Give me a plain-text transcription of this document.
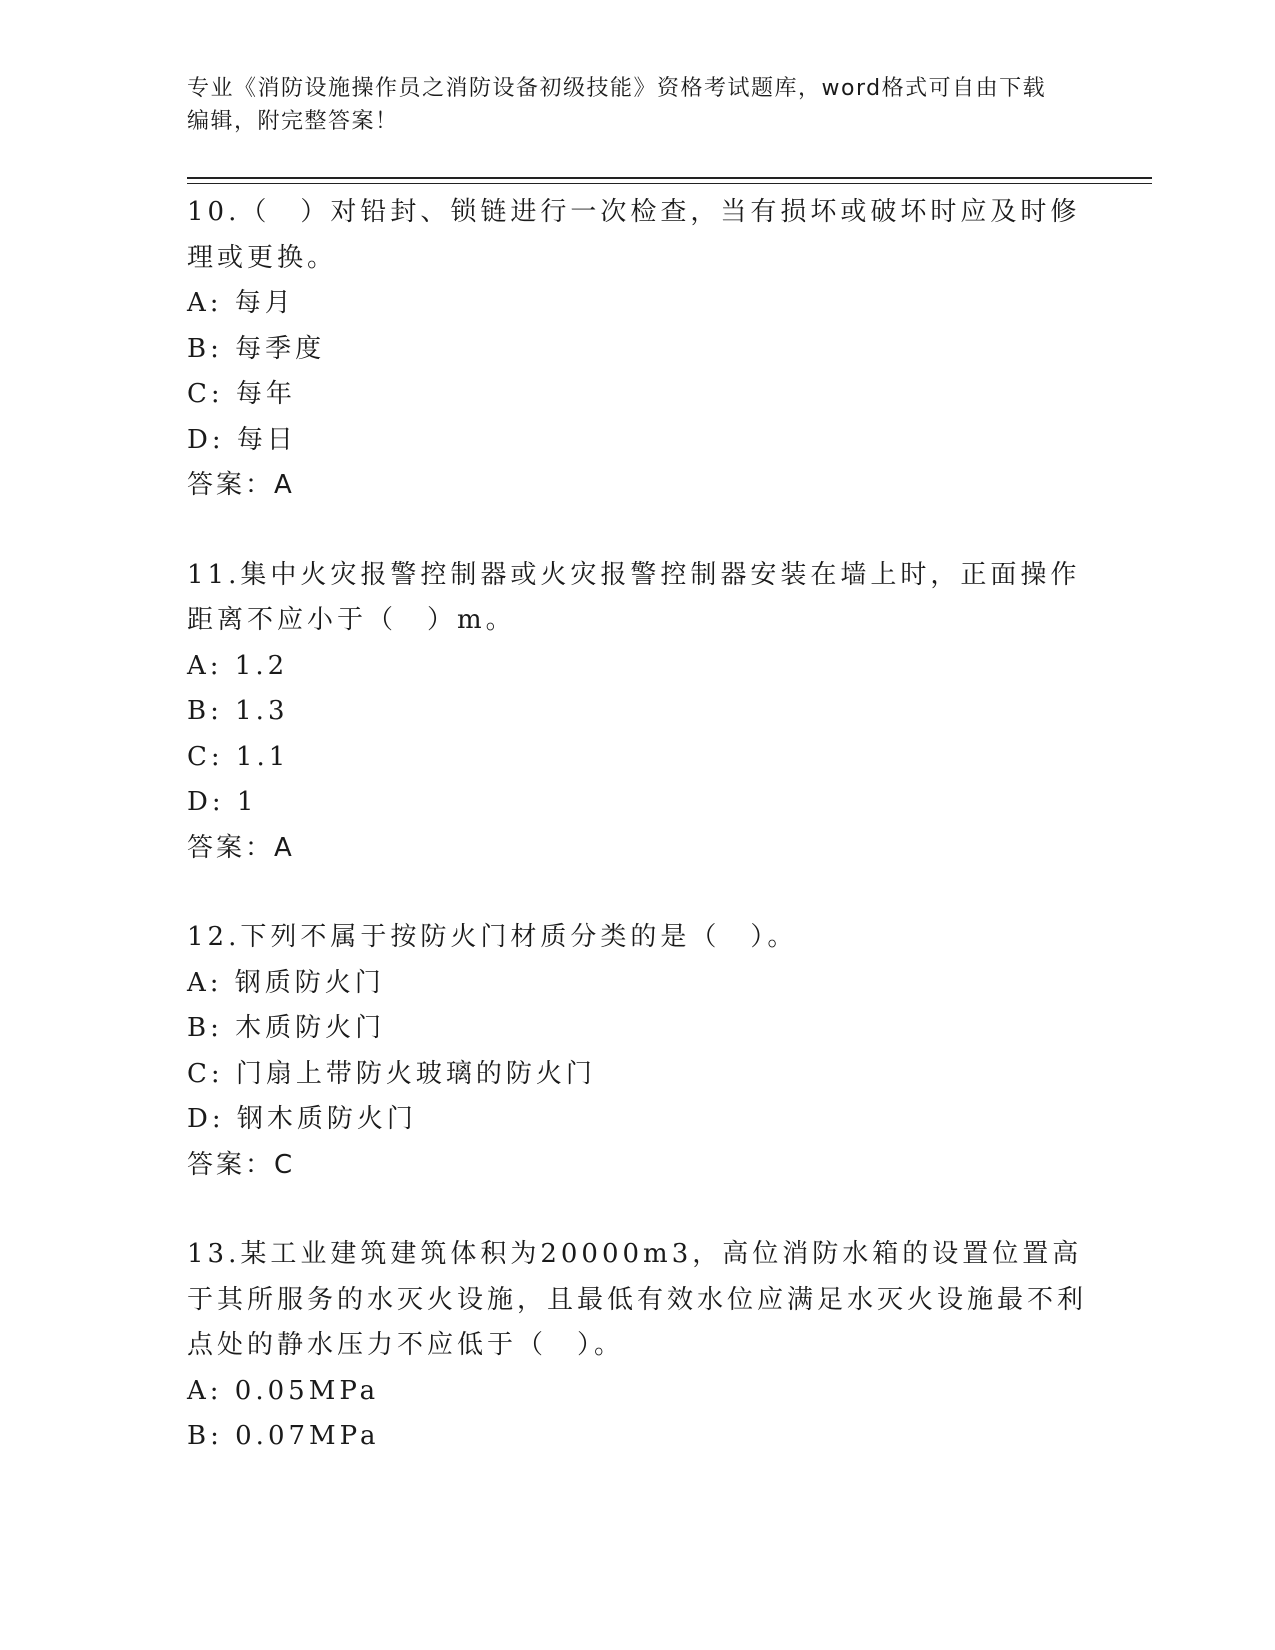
专业《消防设施操作员之消防设备初级技能》资格考试题库，word格式可自由下载编辑，附完整答案！

10.（　）对铅封、锁链进行一次检查，当有损坏或破坏时应及时修理或更换。

A: 每月

B: 每季度

C: 每年

D: 每日

答案：A

11.集中火灾报警控制器或火灾报警控制器安装在墙上时，正面操作距离不应小于（　）m。

A: 1.2

B: 1.3

C: 1.1

D: 1

答案：A

12.下列不属于按防火门材质分类的是（　）。

A: 钢质防火门

B: 木质防火门

C: 门扇上带防火玻璃的防火门

D: 钢木质防火门

答案：C

13.某工业建筑建筑体积为20000m3，高位消防水箱的设置位置高于其所服务的水灭火设施，且最低有效水位应满足水灭火设施最不利点处的静水压力不应低于（　）。

A: 0.05MPa

B: 0.07MPa
